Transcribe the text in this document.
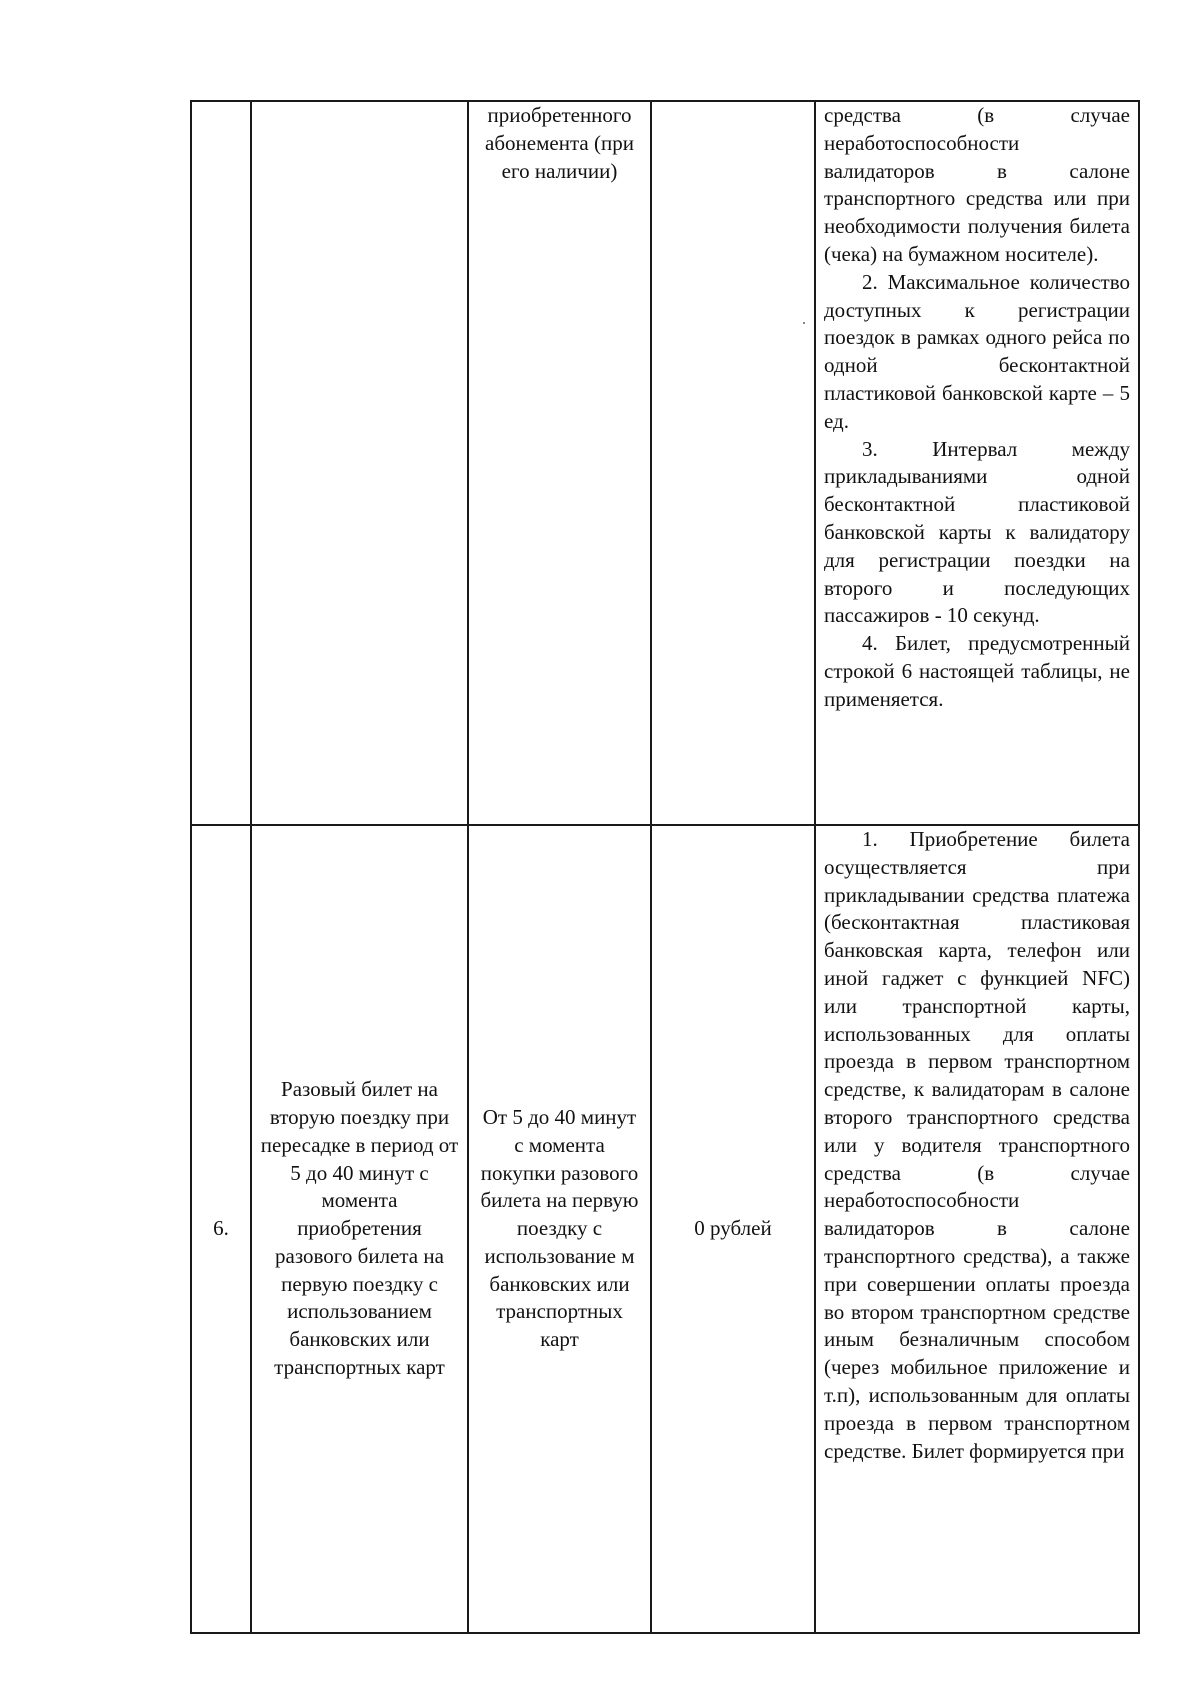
		приобретенного абонемента (при его наличии)		средства (в случае неработоспособности валидаторов в салоне транспортного средства или при необходимости получения билета (чека) на бумажном носителе).

2. Максимальное количество доступных к регистрации поездок в рамках одного рейса по одной бесконтактной пластиковой банковской карте – 5 ед.

3. Интервал между прикладываниями одной бесконтактной пластиковой банковской карты к валидатору для регистрации поездки на второго и последующих пассажиров - 10 секунд.

4. Билет, предусмотренный строкой 6 настоящей таблицы, не применяется.

6.	Разовый билет на вторую поездку при пересадке в период от 5 до 40 минут с момента приобретения разового билета на первую поездку с использованием банковских или транспортных карт	От 5 до 40 минут с момента покупки разового билета на первую поездку с использование м банковских или транспортных карт	0 рублей	1. Приобретение билета осуществляется при прикладывании средства платежа (бесконтактная пластиковая банковская карта, телефон или иной гаджет с функцией NFC) или транспортной карты, использованных для оплаты проезда в первом транспортном средстве, к валидаторам в салоне второго транспортного средства или у водителя транспортного средства (в случае неработоспособности валидаторов в салоне транспортного средства), а также при совершении оплаты проезда во втором транспортном средстве иным безналичным способом (через мобильное приложение и т.п), использованным для оплаты проезда в первом транспортном средстве. Билет формируется при
